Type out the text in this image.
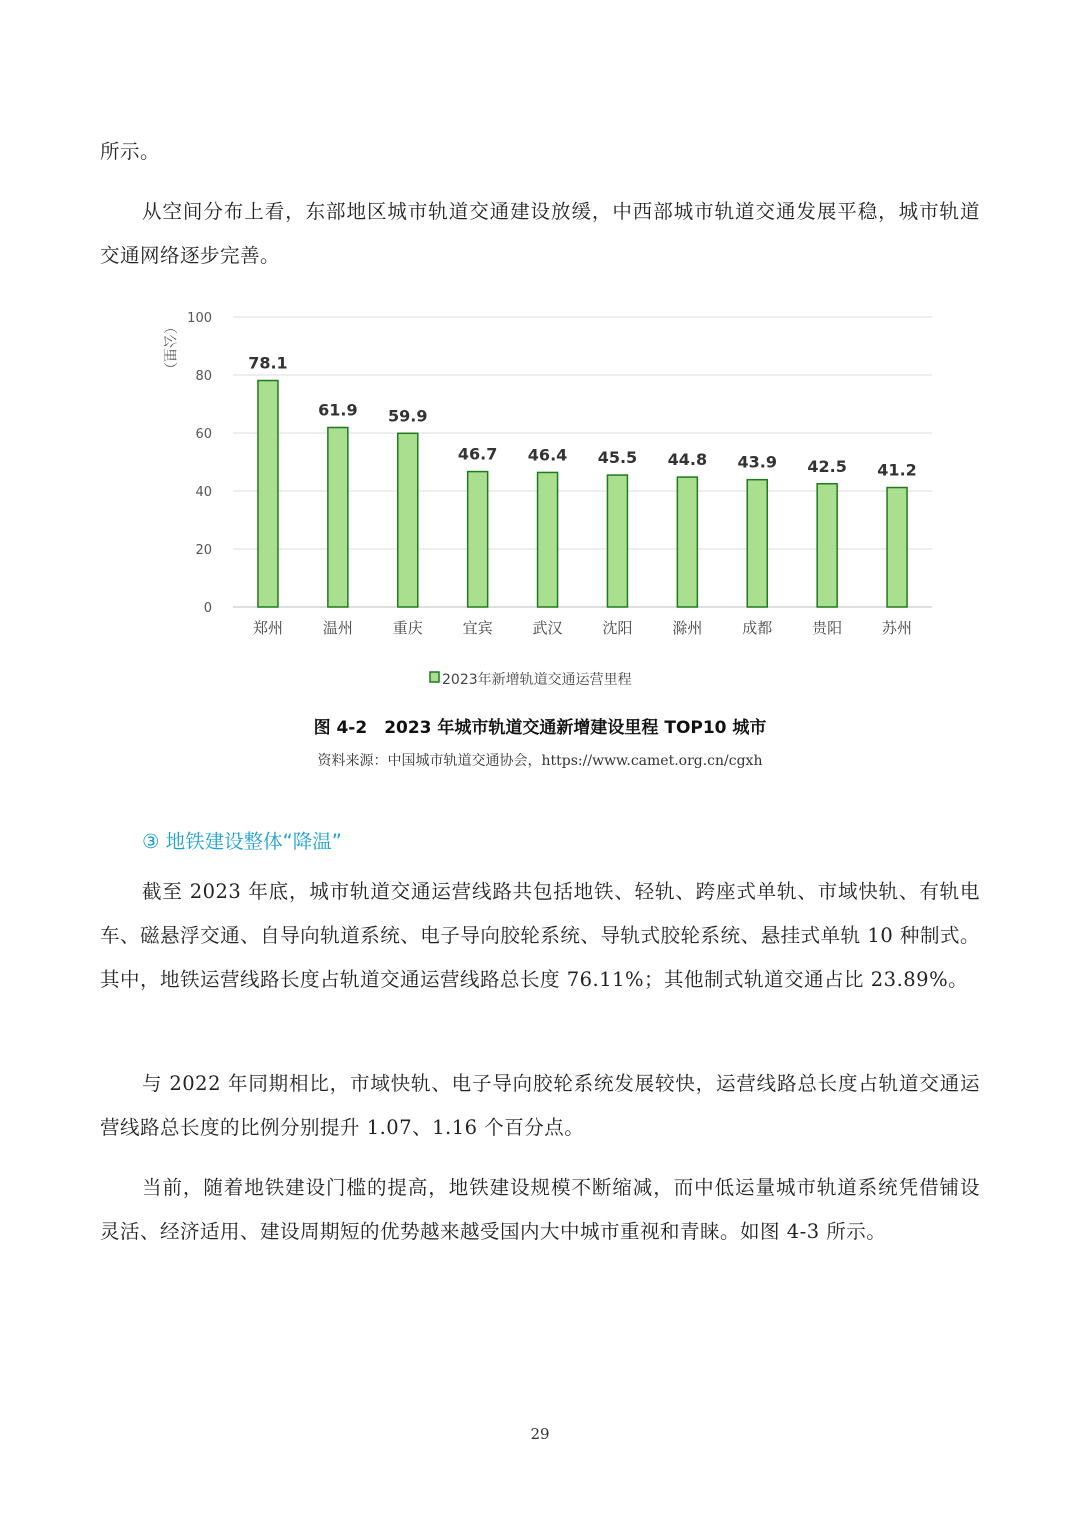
所示。

从空间分布上看，东部地区城市轨道交通建设放缓，中西部城市轨道交通发展平稳，城市轨道交通网络逐步完善。

0
20
40
60
80
100
（公里）	78.1
61.9 59.9
46.7 46.4 45.5 44.8 43.9 42.5 41.2
郑州	温州	重庆	宜宾	武汉	沈阳	滁州	成都	贵阳	苏州
2023年新增轨道交通运营里程
图 4-2　2023 年城市轨道交通新增建设里程 TOP10 城市
资料来源：中国城市轨道交通协会，https://www.camet.org.cn/cgxh
③ 地铁建设整体“降温”

截至 2023 年底，城市轨道交通运营线路共包括地铁、轻轨、跨座式单轨、市域快轨、有轨电车、磁悬浮交通、自导向轨道系统、电子导向胶轮系统、导轨式胶轮系统、悬挂式单轨 10 种制式。其中，地铁运营线路长度占轨道交通运营线路总长度 76.11%；其他制式轨道交通占比 23.89%。

与 2022 年同期相比，市域快轨、电子导向胶轮系统发展较快，运营线路总长度占轨道交通运营线路总长度的比例分别提升 1.07、1.16 个百分点。

当前，随着地铁建设门槛的提高，地铁建设规模不断缩减，而中低运量城市轨道系统凭借铺设灵活、经济适用、建设周期短的优势越来越受国内大中城市重视和青睐。如图 4-3 所示。

29
